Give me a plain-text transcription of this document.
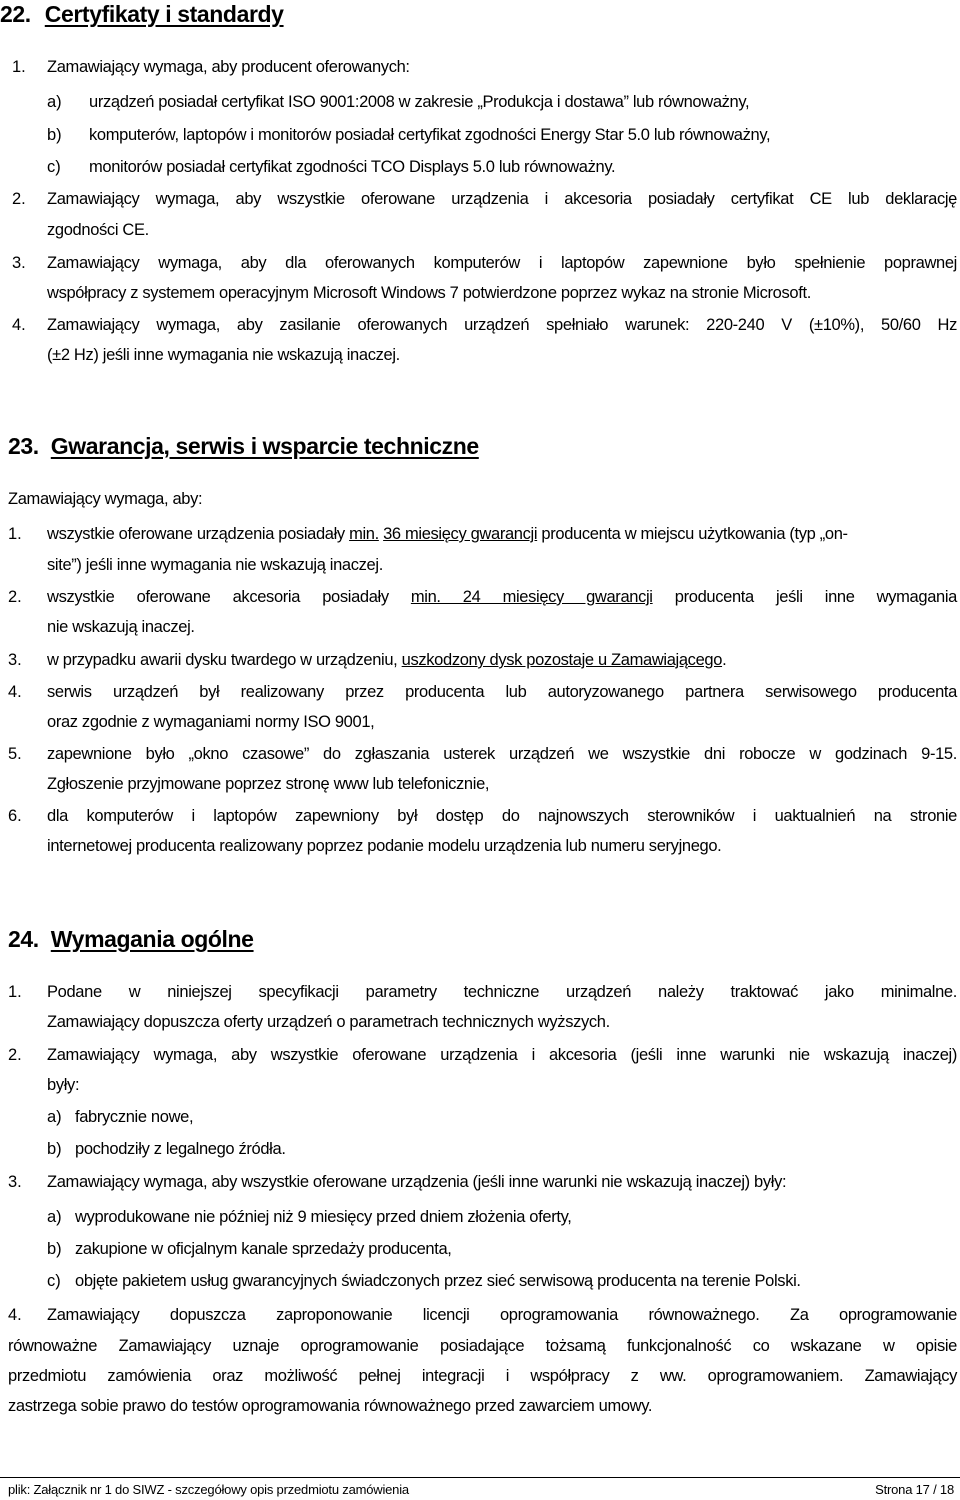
22. Certyfikaty i standardy
1. Zamawiający wymaga, aby producent oferowanych:
a) urządzeń posiadał certyfikat ISO 9001:2008 w zakresie „Produkcja i dostawa” lub równoważny,
b) komputerów, laptopów i monitorów posiadał certyfikat zgodności Energy Star 5.0 lub równoważny,
c) monitorów posiadał certyfikat zgodności TCO Displays 5.0 lub równoważny.
2. Zamawiający wymaga, aby wszystkie oferowane urządzenia i akcesoria posiadały certyfikat CE lub deklarację
zgodności CE.
3. Zamawiający wymaga, aby dla oferowanych komputerów i laptopów zapewnione było spełnienie poprawnej
współpracy z systemem operacyjnym Microsoft Windows 7 potwierdzone poprzez wykaz na stronie Microsoft.
4. Zamawiający wymaga, aby zasilanie oferowanych urządzeń spełniało warunek: 220-240 V (±10%), 50/60 Hz
(±2 Hz) jeśli inne wymagania nie wskazują inaczej.
23. Gwarancja, serwis i wsparcie techniczne
Zamawiający wymaga, aby:
1. wszystkie oferowane urządzenia posiadały min. 36 miesięcy gwarancji producenta w miejscu użytkowania (typ „on-
site”) jeśli inne wymagania nie wskazują inaczej.
2. wszystkie oferowane akcesoria posiadały min. 24 miesięcy gwarancji producenta jeśli inne wymagania
nie wskazują inaczej.
3. w przypadku awarii dysku twardego w urządzeniu, uszkodzony dysk pozostaje u Zamawiającego.
4. serwis urządzeń był realizowany przez producenta lub autoryzowanego partnera serwisowego producenta
oraz zgodnie z wymaganiami normy ISO 9001,
5. zapewnione było „okno czasowe” do zgłaszania usterek urządzeń we wszystkie dni robocze w godzinach 9-15.
Zgłoszenie przyjmowane poprzez stronę www lub telefonicznie,
6. dla komputerów i laptopów zapewniony był dostęp do najnowszych sterowników i uaktualnień na stronie
internetowej producenta realizowany poprzez podanie modelu urządzenia lub numeru seryjnego.
24. Wymagania ogólne
1. Podane w niniejszej specyfikacji parametry techniczne urządzeń należy traktować jako minimalne.
Zamawiający dopuszcza oferty urządzeń o parametrach technicznych wyższych.
2. Zamawiający wymaga, aby wszystkie oferowane urządzenia i akcesoria (jeśli inne warunki nie wskazują inaczej)
były:
a) fabrycznie nowe,
b) pochodziły z legalnego źródła.
3. Zamawiający wymaga, aby wszystkie oferowane urządzenia (jeśli inne warunki nie wskazują inaczej) były:
a) wyprodukowane nie później niż 9 miesięcy przed dniem złożenia oferty,
b) zakupione w oficjalnym kanale sprzedaży producenta,
c) objęte pakietem usług gwarancyjnych świadczonych przez sieć serwisową producenta na terenie Polski.
4. Zamawiający dopuszcza zaproponowanie licencji oprogramowania równoważnego. Za oprogramowanie
równoważne Zamawiający uznaje oprogramowanie posiadające tożsamą funkcjonalność co wskazane w opisie
przedmiotu zamówienia oraz możliwość pełnej integracji i współpracy z ww. oprogramowaniem. Zamawiający
zastrzega sobie prawo do testów oprogramowania równoważnego przed zawarciem umowy.
plik: Załącznik nr 1 do SIWZ - szczegółowy opis przedmiotu zamówienia	Strona 17 / 18
